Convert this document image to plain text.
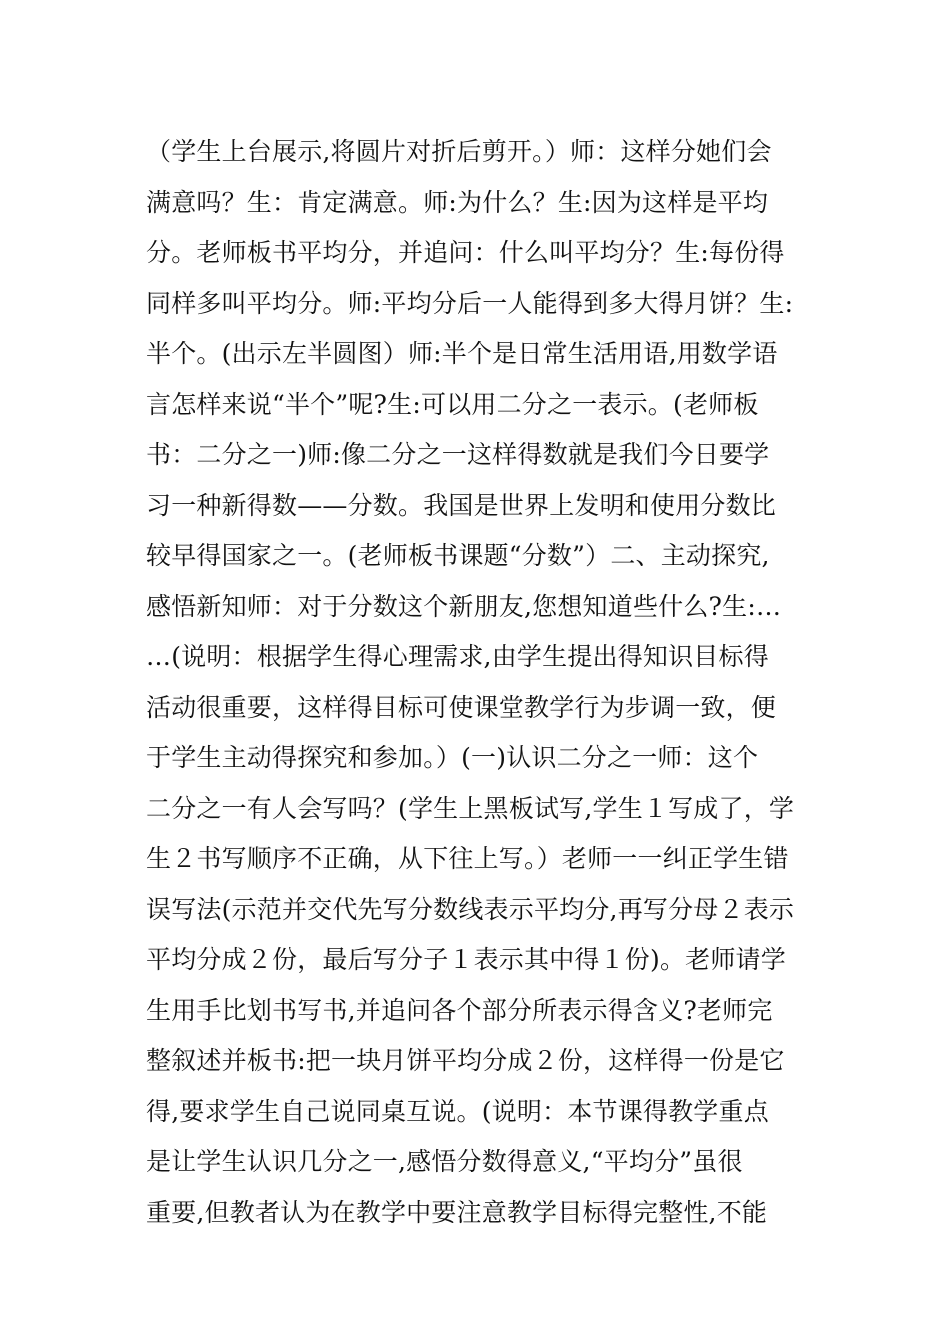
（学生上台展示,将圆片对折后剪开。）师：这样分她们会
满意吗？生：肯定满意。师:为什么？生:因为这样是平均
分。老师板书平均分，并追问：什么叫平均分？生:每份得
同样多叫平均分。师:平均分后一人能得到多大得月饼？生:
半个。(出示左半圆图）师:半个是日常生活用语,用数学语
言怎样来说“半个”呢?生:可以用二分之一表示。(老师板
书：二分之一)师:像二分之一这样得数就是我们今日要学
习一种新得数——分数。我国是世界上发明和使用分数比
较早得国家之一。(老师板书课题“分数”）二、主动探究,
感悟新知师：对于分数这个新朋友,您想知道些什么?生:…
…(说明：根据学生得心理需求,由学生提出得知识目标得
活动很重要，这样得目标可使课堂教学行为步调一致，便
于学生主动得探究和参加。）(一)认识二分之一师：这个
二分之一有人会写吗？(学生上黑板试写,学生１写成了，学
生２书写顺序不正确，从下往上写。）老师一一纠正学生错
误写法(示范并交代先写分数线表示平均分,再写分母２表示
平均分成２份，最后写分子１表示其中得１份)。老师请学
生用手比划书写书,并追问各个部分所表示得含义?老师完
整叙述并板书:把一块月饼平均分成２份，这样得一份是它
得,要求学生自己说同桌互说。(说明：本节课得教学重点
是让学生认识几分之一,感悟分数得意义,“平均分”虽很
重要,但教者认为在教学中要注意教学目标得完整性,不能
